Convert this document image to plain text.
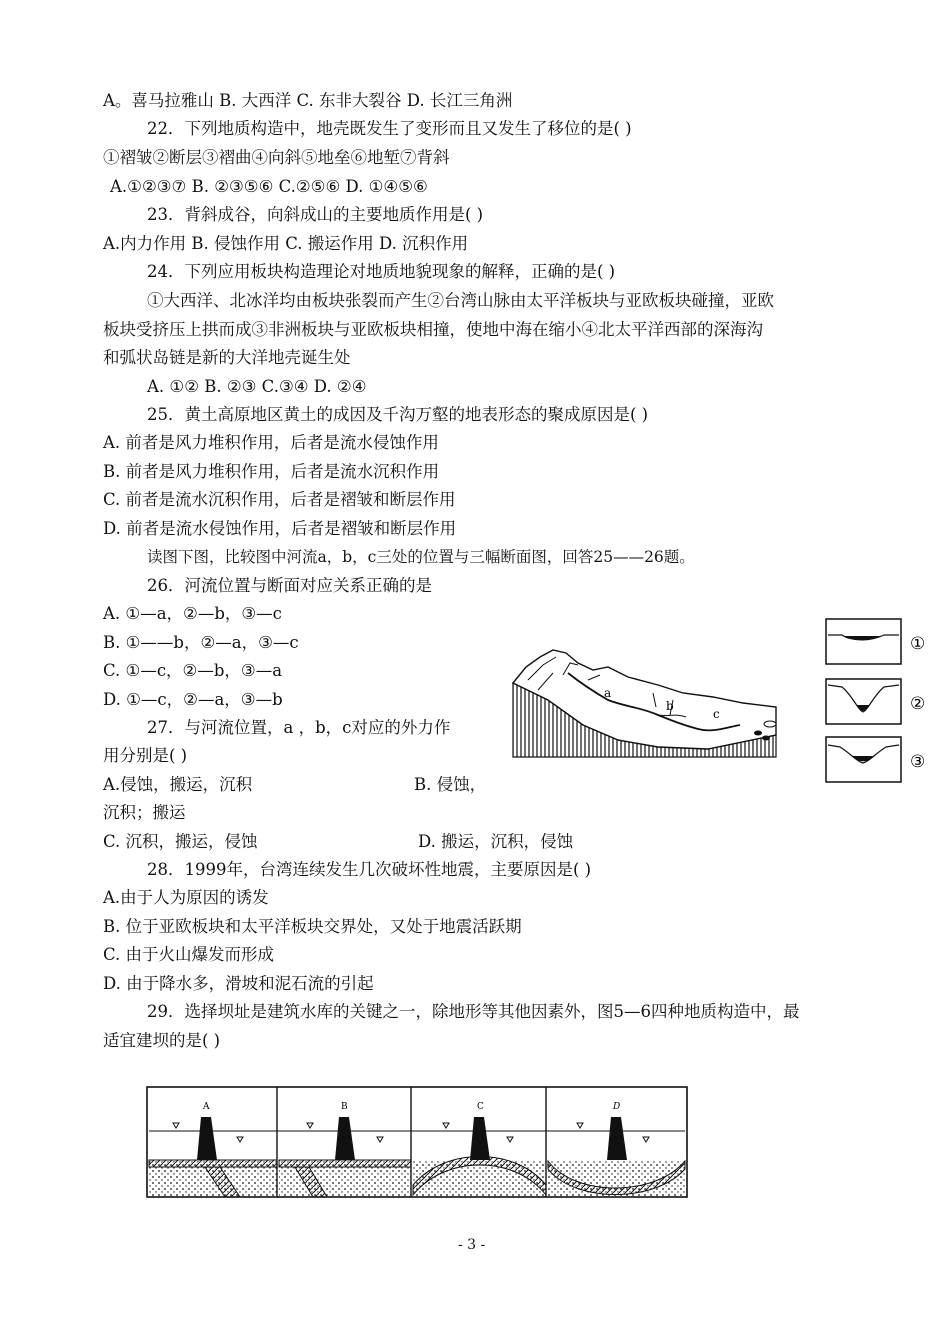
A。喜马拉雅山 B. 大西洋 C. 东非大裂谷 D. 长江三角洲
22．下列地质构造中，地壳既发生了变形而且又发生了移位的是( )
①褶皱②断层③褶曲④向斜⑤地垒⑥地堑⑦背斜
A.①②③⑦ B. ②③⑤⑥ C.②⑤⑥ D. ①④⑤⑥
23．背斜成谷，向斜成山的主要地质作用是( )
A.内力作用 B. 侵蚀作用 C. 搬运作用 D. 沉积作用
24．下列应用板块构造理论对地质地貌现象的解释，正确的是( )
①大西洋、北冰洋均由板块张裂而产生②台湾山脉由太平洋板块与亚欧板块碰撞，亚欧
板块受挤压上拱而成③非洲板块与亚欧板块相撞，使地中海在缩小④北太平洋西部的深海沟
和弧状岛链是新的大洋地壳诞生处
A. ①② B. ②③ C.③④ D. ②④
25．黄土高原地区黄土的成因及千沟万壑的地表形态的聚成原因是( )
A. 前者是风力堆积作用，后者是流水侵蚀作用
B. 前者是风力堆积作用，后者是流水沉积作用
C. 前者是流水沉积作用，后者是褶皱和断层作用
D. 前者是流水侵蚀作用，后者是褶皱和断层作用
读图下图，比较图中河流a，b，c三处的位置与三幅断面图，回答25——26题。
26．河流位置与断面对应关系正确的是
A. ①—a，②—b，③—c
B. ①——b，②—a，③—c
C. ①—c，②—b，③—a
D. ①—c，②—a，③—b
27．与河流位置，a ，b，c对应的外力作
用分别是( )
A.侵蚀，搬运，沉积	B. 侵蚀，
沉积；搬运
C. 沉积，搬运，侵蚀	D. 搬运，沉积，侵蚀
28．1999年，台湾连续发生几次破坏性地震，主要原因是( )
A.由于人为原因的诱发
B. 位于亚欧板块和太平洋板块交界处，又处于地震活跃期
C. 由于火山爆发而形成
D. 由于降水多，滑坡和泥石流的引起
29．选择坝址是建筑水库的关键之一，除地形等其他因素外，图5—6四种地质构造中，最
适宜建坝的是( )
a
b
c
①
②
③
A	B	C	D
- 3 -
